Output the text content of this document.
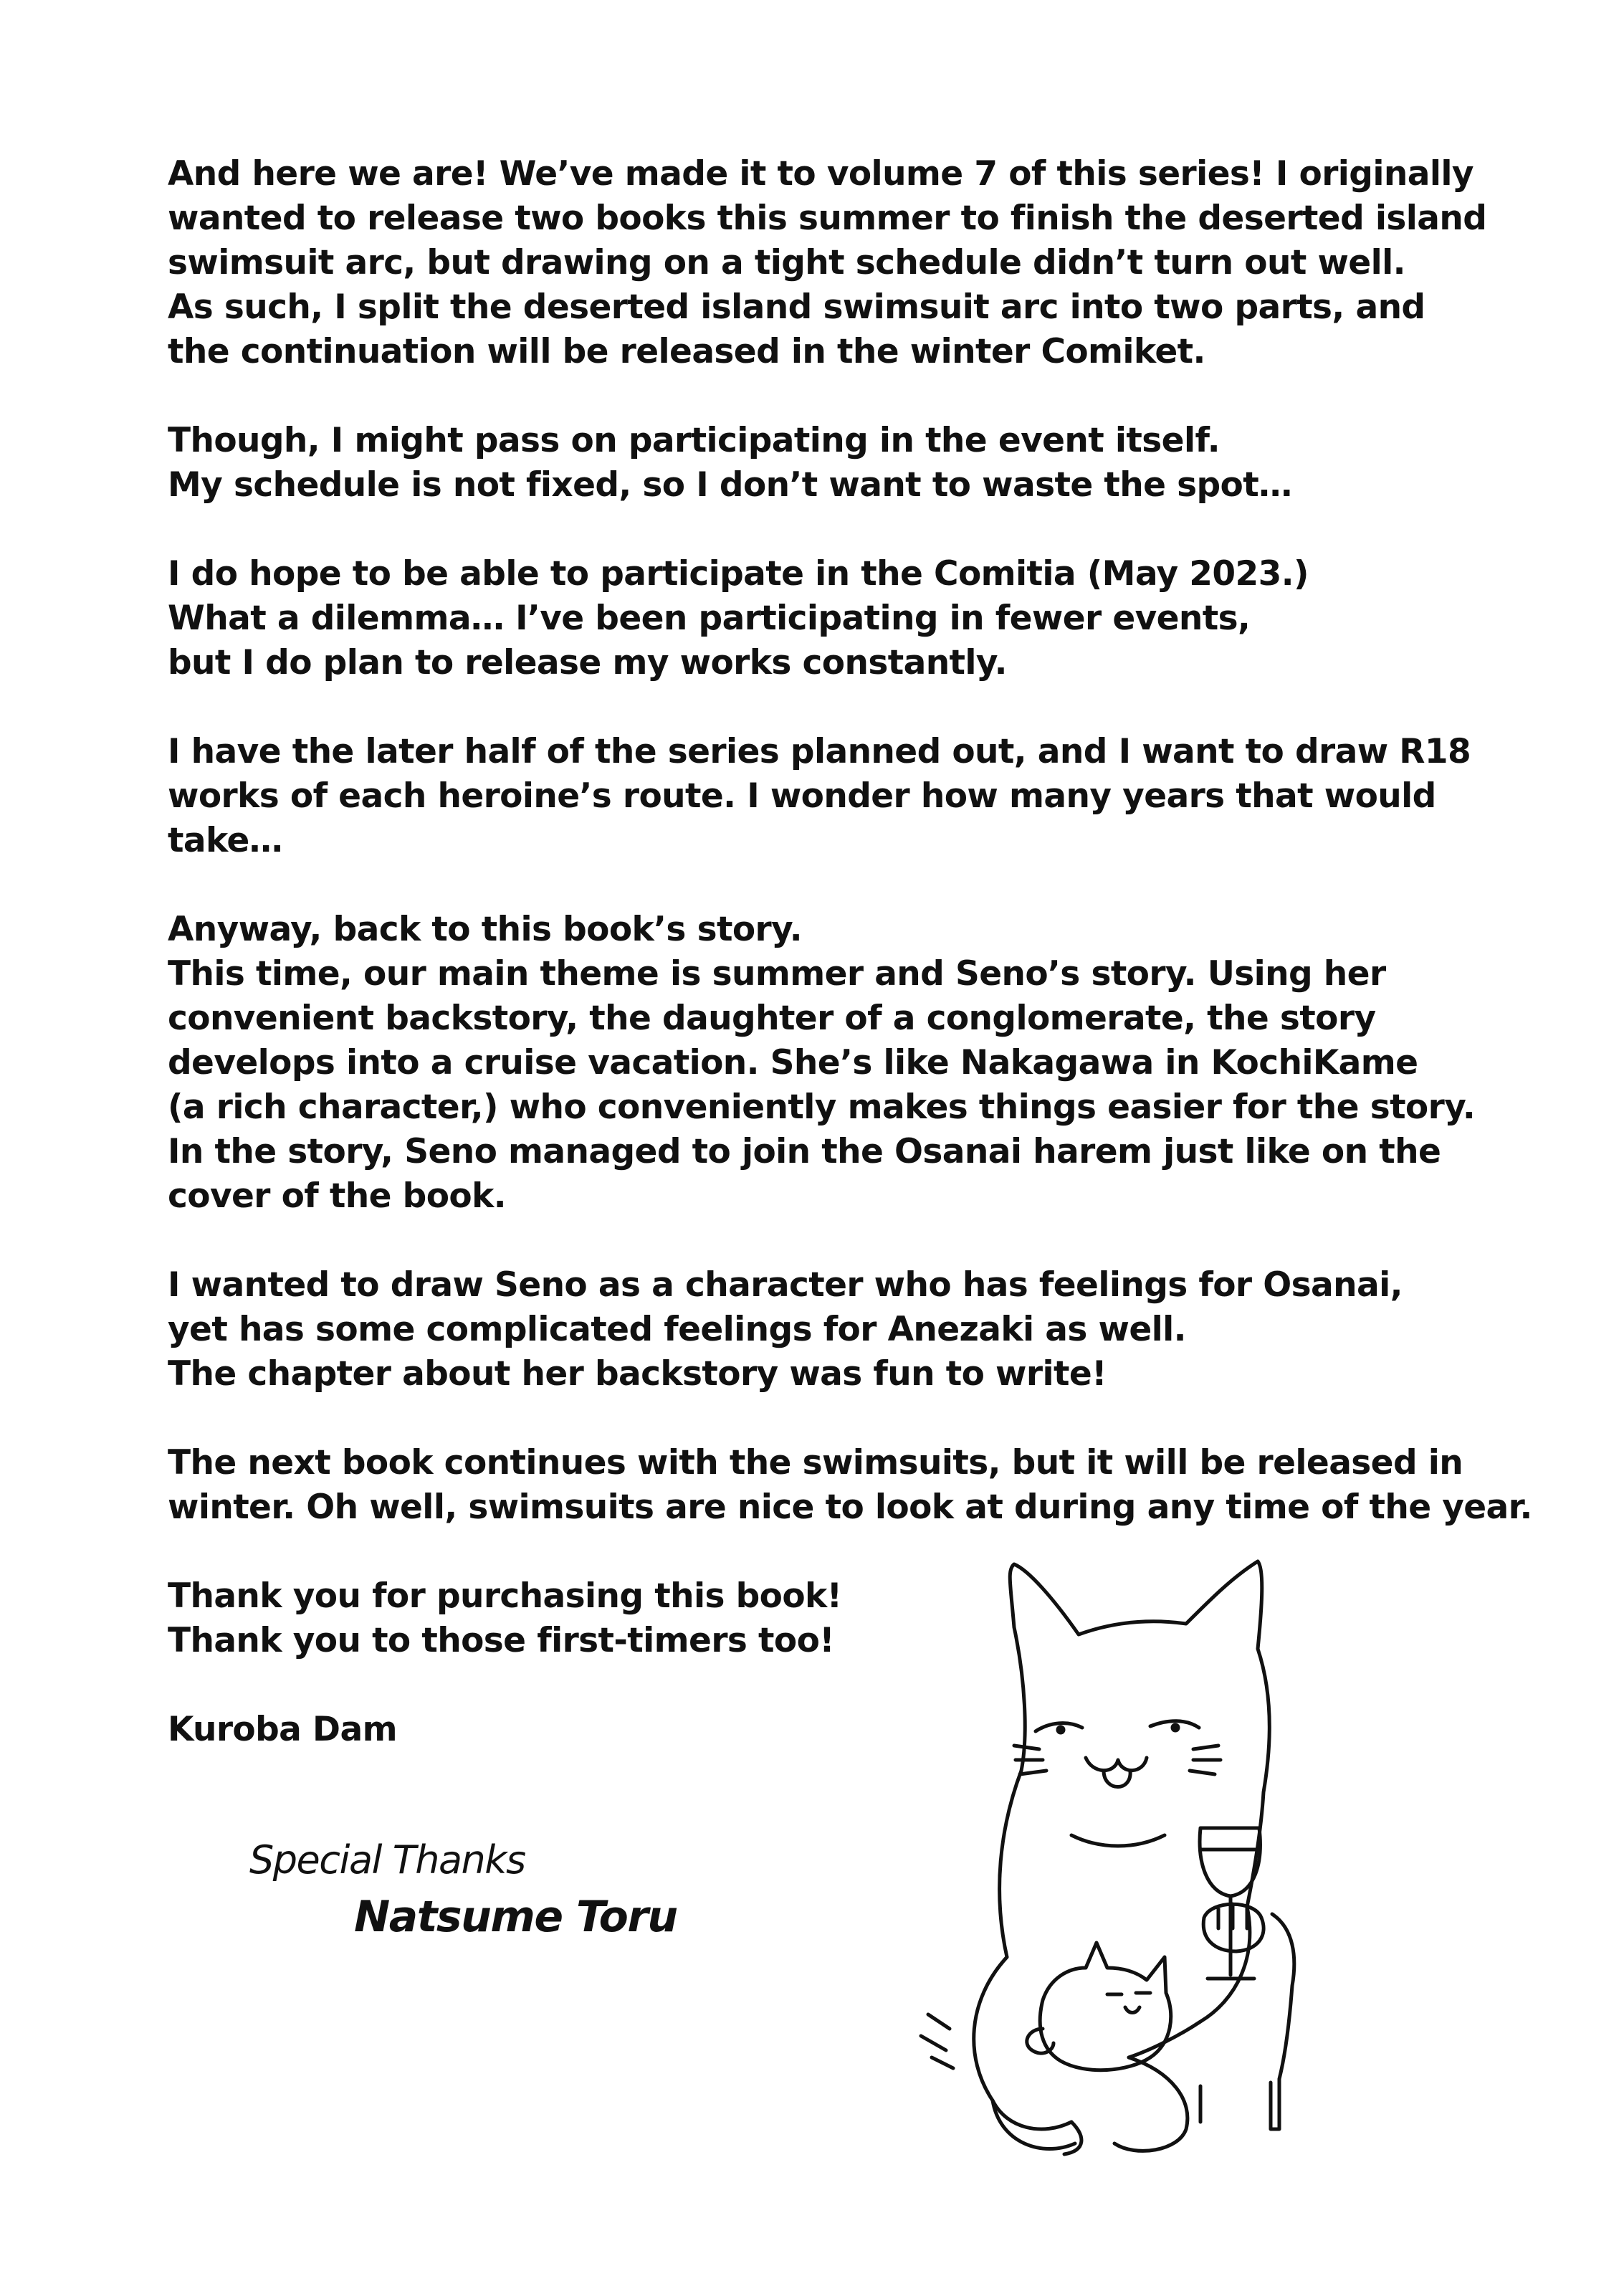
And here we are! We’ve made it to volume 7 of this series! I originally
wanted to release two books this summer to finish the deserted island
swimsuit arc, but drawing on a tight schedule didn’t turn out well.
As such, I split the deserted island swimsuit arc into two parts, and
the continuation will be released in the winter Comiket.
Though, I might pass on participating in the event itself.
My schedule is not fixed, so I don’t want to waste the spot…
I do hope to be able to participate in the Comitia (May 2023.)
What a dilemma… I’ve been participating in fewer events,
but I do plan to release my works constantly.
I have the later half of the series planned out, and I want to draw R18
works of each heroine’s route. I wonder how many years that would
take…
Anyway, back to this book’s story.
This time, our main theme is summer and Seno’s story. Using her
convenient backstory, the daughter of a conglomerate, the story
develops into a cruise vacation. She’s like Nakagawa in KochiKame
(a rich character,) who conveniently makes things easier for the story.
In the story, Seno managed to join the Osanai harem just like on the
cover of the book.
I wanted to draw Seno as a character who has feelings for Osanai,
yet has some complicated feelings for Anezaki as well.
The chapter about her backstory was fun to write!
The next book continues with the swimsuits, but it will be released in
winter. Oh well, swimsuits are nice to look at during any time of the year.
Thank you for purchasing this book!
Thank you to those first-timers too!
Kuroba Dam
Special Thanks
Natsume Toru
